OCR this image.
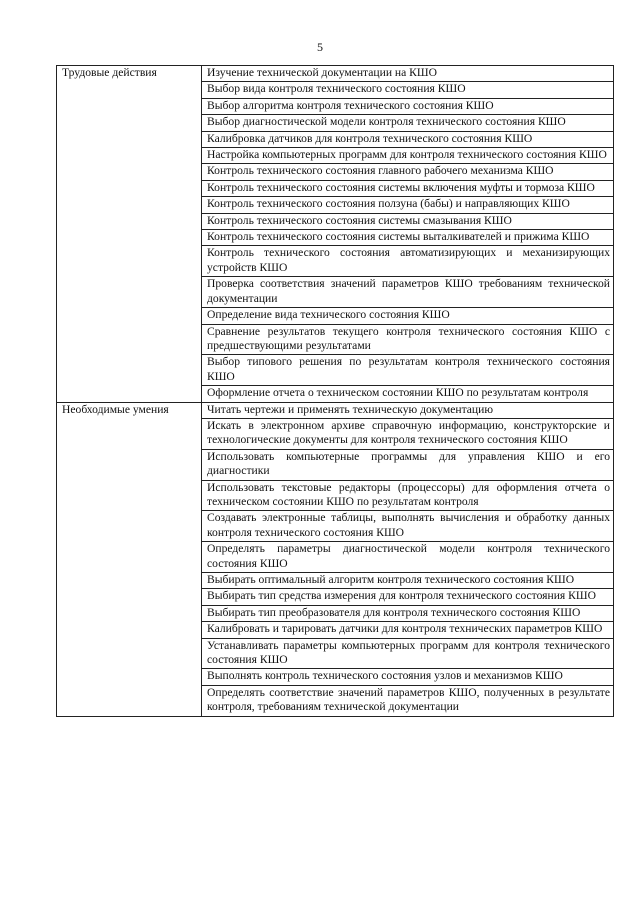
5
Трудовые действия	Изучение технической документации на КШО
	Выбор вида контроля технического состояния КШО
	Выбор алгоритма контроля технического состояния КШО
	Выбор диагностической модели контроля технического состояния КШО
	Калибровка датчиков для контроля технического состояния КШО
	Настройка компьютерных программ для контроля технического состояния КШО
	Контроль технического состояния главного рабочего механизма КШО
	Контроль технического состояния системы включения муфты и тормоза КШО
	Контроль технического состояния ползуна (бабы) и направляющих КШО
	Контроль технического состояния системы смазывания КШО
	Контроль технического состояния системы выталкивателей и прижима КШО
	Контроль технического состояния автоматизирующих и механизирующих устройств КШО
	Проверка соответствия значений параметров КШО требованиям технической документации
	Определение вида технического состояния КШО
	Сравнение результатов текущего контроля технического состояния КШО с предшествующими результатами
	Выбор типового решения по результатам контроля технического состояния КШО
	Оформление отчета о техническом состоянии КШО по результатам контроля
Необходимые умения	Читать чертежи и применять техническую документацию
	Искать в электронном архиве справочную информацию, конструкторские и технологические документы для контроля технического состояния КШО
	Использовать компьютерные программы для управления КШО и его диагностики
	Использовать текстовые редакторы (процессоры) для оформления отчета о техническом состоянии КШО по результатам контроля
	Создавать электронные таблицы, выполнять вычисления и обработку данных контроля технического состояния КШО
	Определять параметры диагностической модели контроля технического состояния КШО
	Выбирать оптимальный алгоритм контроля технического состояния КШО
	Выбирать тип средства измерения для контроля технического состояния КШО
	Выбирать тип преобразователя для контроля технического состояния КШО
	Калибровать и тарировать датчики для контроля технических параметров КШО
	Устанавливать параметры компьютерных программ для контроля технического состояния КШО
	Выполнять контроль технического состояния узлов и механизмов КШО
	Определять соответствие значений параметров КШО, полученных в результате контроля, требованиям технической документации
